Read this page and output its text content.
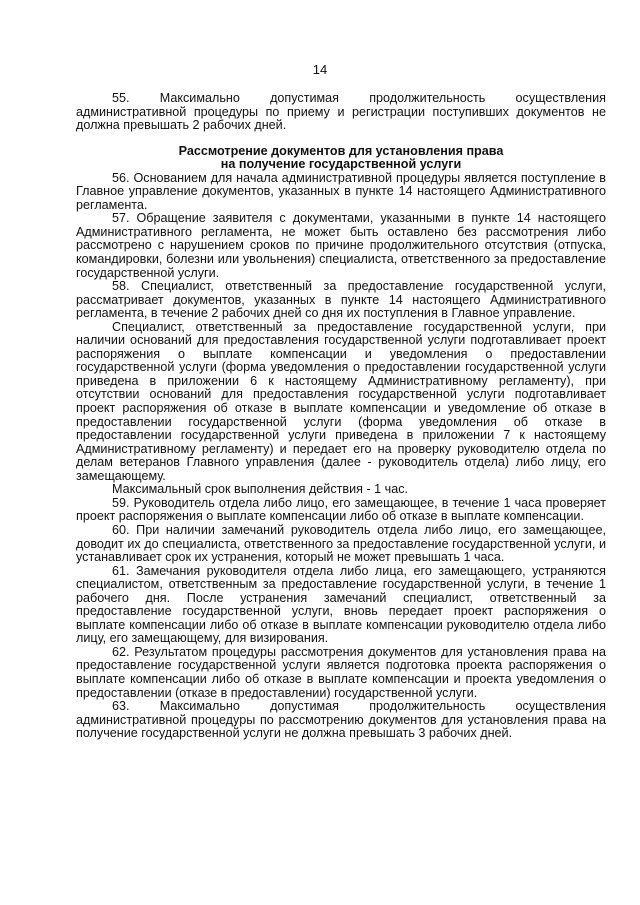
14

55. Максимально допустимая продолжительность осуществления административной процедуры по приему и регистрации поступивших документов не должна превышать 2 рабочих дней.

Рассмотрение документов для установления права
на получение государственной услуги

56. Основанием для начала административной процедуры является поступление в Главное управление документов, указанных в пункте 14 настоящего Административного регламента.

57. Обращение заявителя с документами, указанными в пункте 14 настоящего Административного регламента, не может быть оставлено без рассмотрения либо рассмотрено с нарушением сроков по причине продолжительного отсутствия (отпуска, командировки, болезни или увольнения) специалиста, ответственного за предоставление государственной услуги.

58. Специалист, ответственный за предоставление государственной услуги, рассматривает документов, указанных в пункте 14 настоящего Административного регламента, в течение 2 рабочих дней со дня их поступления в Главное управление.

Специалист, ответственный за предоставление государственной услуги, при наличии оснований для предоставления государственной услуги подготавливает проект распоряжения о выплате компенсации и уведомления о предоставлении государственной услуги (форма уведомления о предоставлении государственной услуги приведена в приложении 6 к настоящему Административному регламенту), при отсутствии оснований для предоставления государственной услуги подготавливает проект распоряжения об отказе в выплате компенсации и уведомление об отказе в предоставлении государственной услуги (форма уведомления об отказе в предоставлении государственной услуги приведена в приложении 7 к настоящему Административному регламенту) и передает его на проверку руководителю отдела по делам ветеранов Главного управления (далее - руководитель отдела) либо лицу, его замещающему.

Максимальный срок выполнения действия - 1 час.

59. Руководитель отдела либо лицо, его замещающее, в течение 1 часа проверяет проект распоряжения о выплате компенсации либо об отказе в выплате компенсации.

60. При наличии замечаний руководитель отдела либо лицо, его замещающее, доводит их до специалиста, ответственного за предоставление государственной услуги, и устанавливает срок их устранения, который не может превышать 1 часа.

61. Замечания руководителя отдела либо лица, его замещающего, устраняются специалистом, ответственным за предоставление государственной услуги, в течение 1 рабочего дня. После устранения замечаний специалист, ответственный за предоставление государственной услуги, вновь передает проект распоряжения о выплате компенсации либо об отказе в выплате компенсации руководителю отдела либо лицу, его замещающему, для визирования.

62. Результатом процедуры рассмотрения документов для установления права на предоставление государственной услуги является подготовка проекта распоряжения о выплате компенсации либо об отказе в выплате компенсации и проекта уведомления о предоставлении (отказе в предоставлении) государственной услуги.

63. Максимально допустимая продолжительность осуществления административной процедуры по рассмотрению документов для установления права на получение государственной услуги не должна превышать 3 рабочих дней.
